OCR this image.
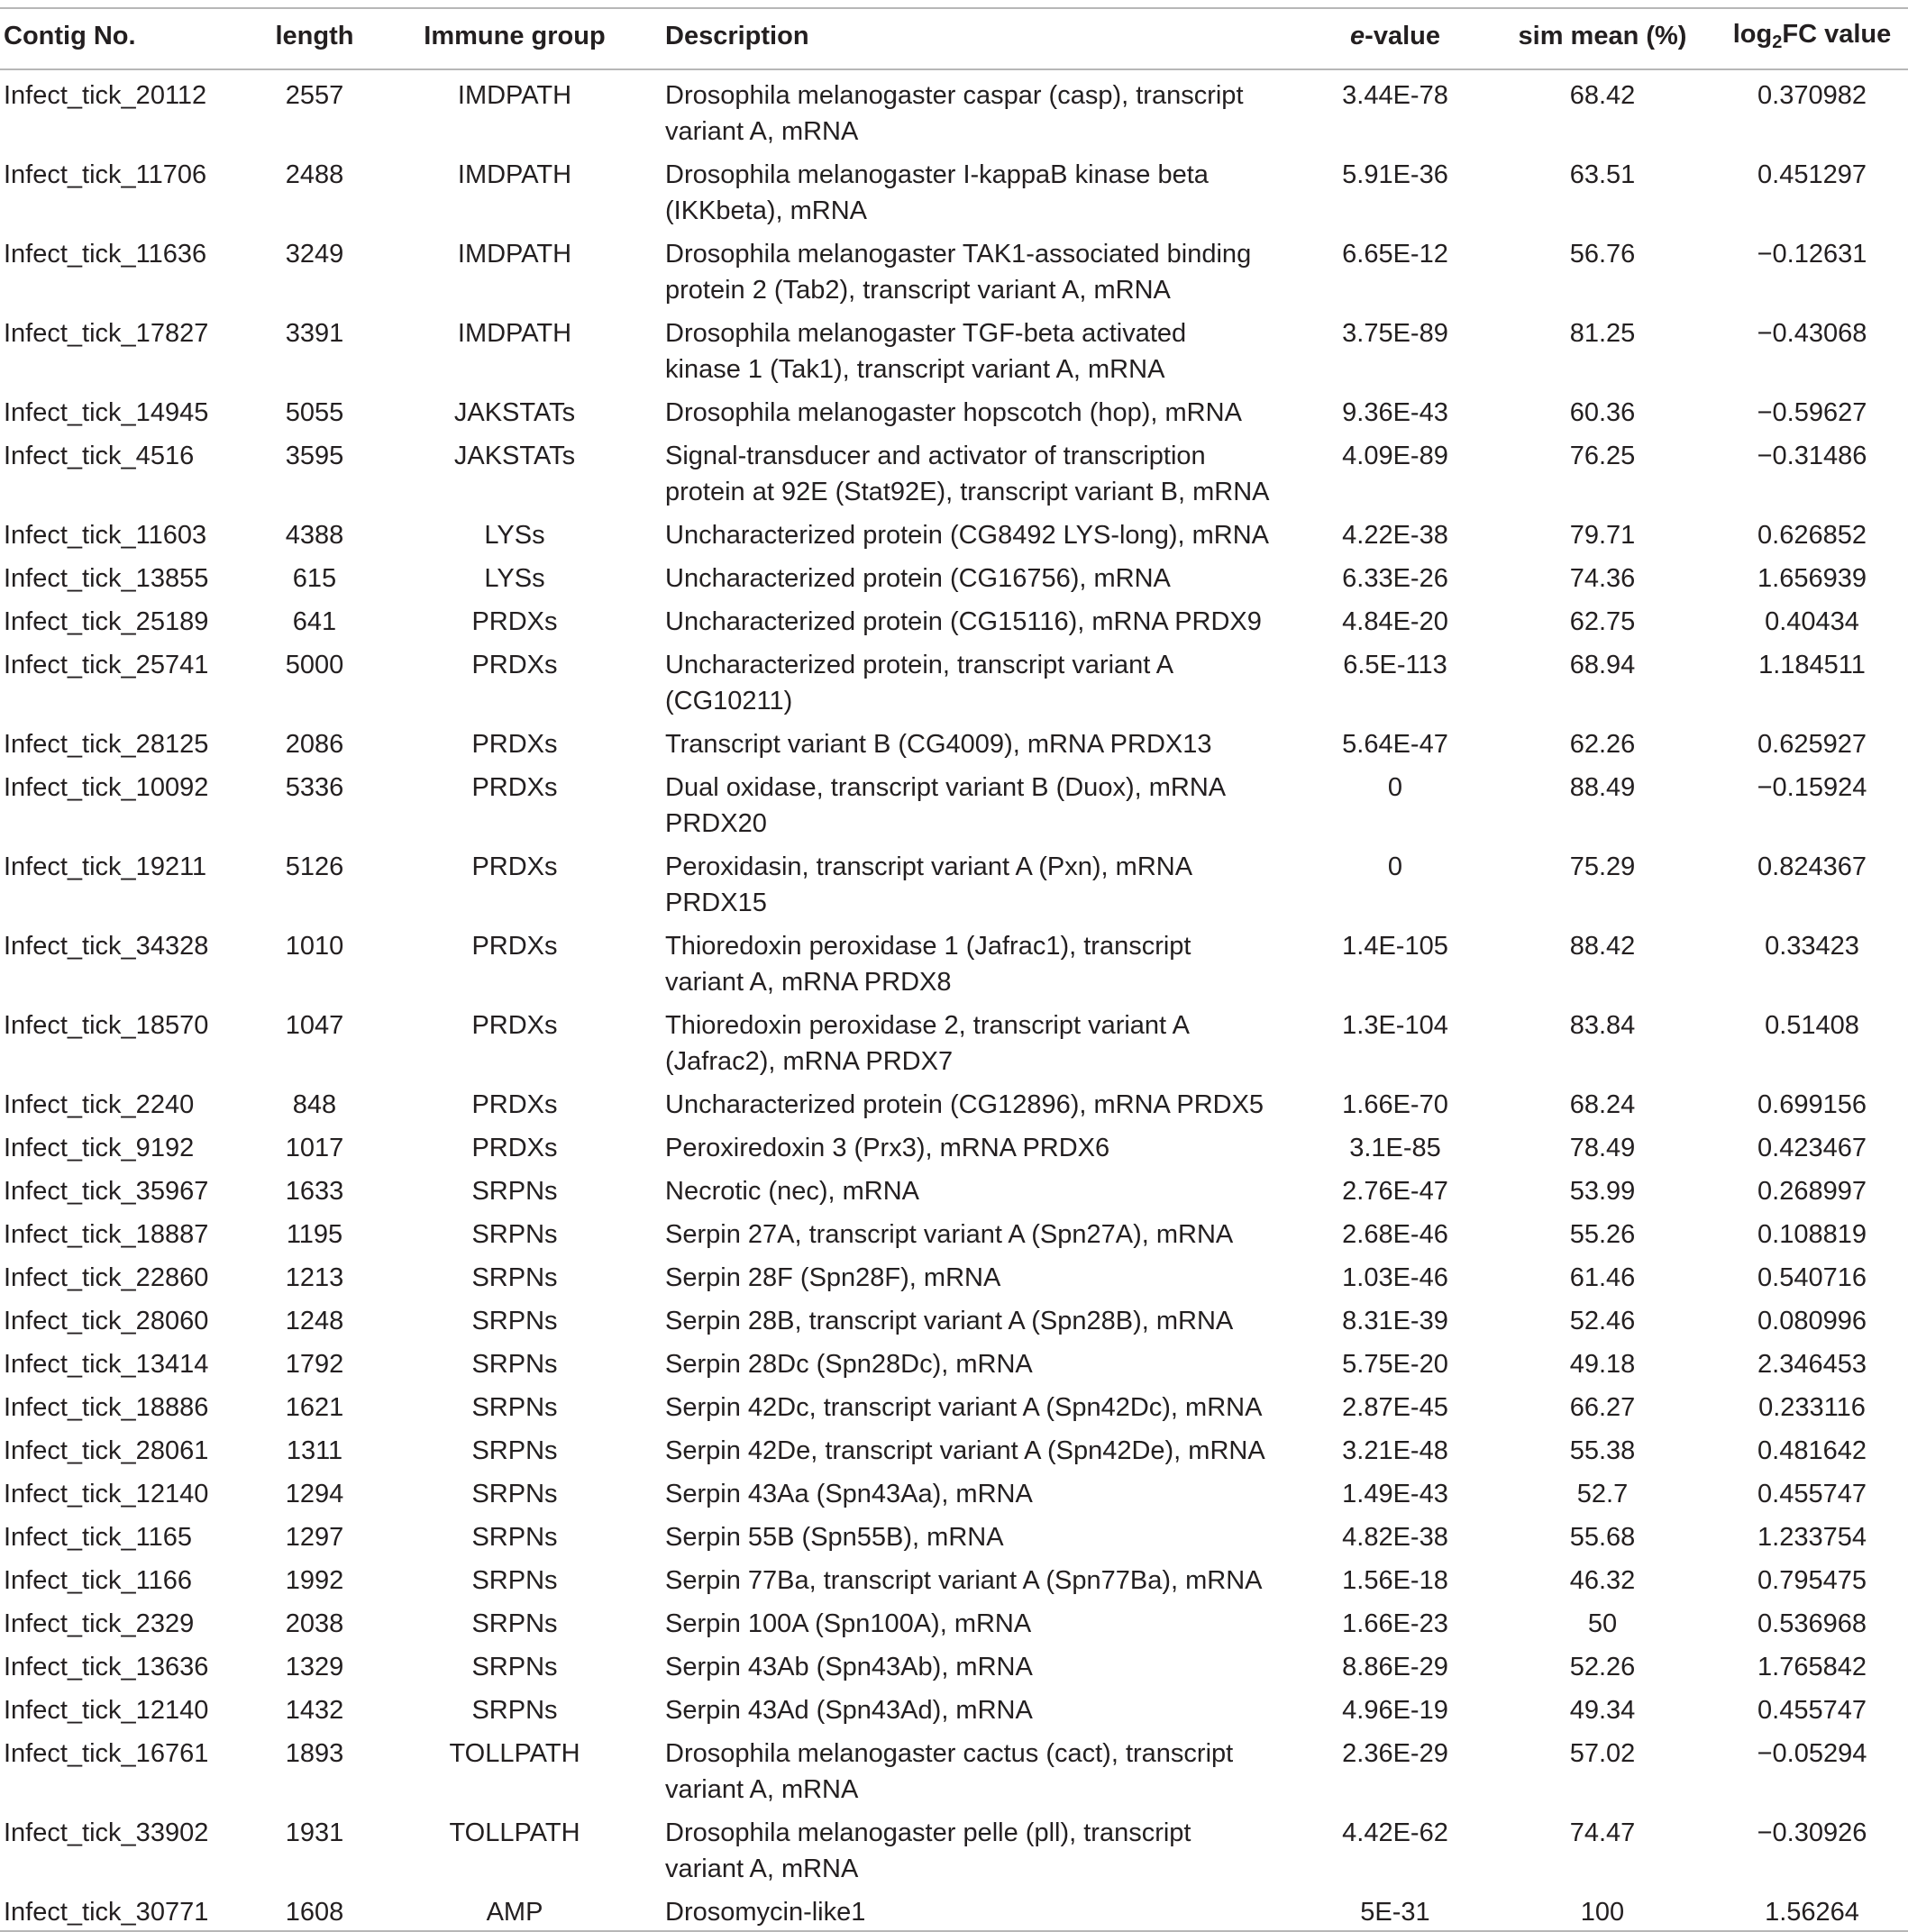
Contig No.	length	Immune group	Description	e-value	sim mean (%)	$\log_2FC$ value
Infect_tick_20112	2557	IMDPATH	Drosophila melanogaster caspar (casp), transcript
variant A, mRNA	3.44E-78	68.42	0.370982
Infect_tick_11706	2488	IMDPATH	Drosophila melanogaster I-kappaB kinase beta
(IKKbeta), mRNA	5.91E-36	63.51	0.451297
Infect_tick_11636	3249	IMDPATH	Drosophila melanogaster TAK1-associated binding
protein 2 (Tab2), transcript variant A, mRNA	6.65E-12	56.76	−0.12631
Infect_tick_17827	3391	IMDPATH	Drosophila melanogaster TGF-beta activated
kinase 1 (Tak1), transcript variant A, mRNA	3.75E-89	81.25	−0.43068
Infect_tick_14945	5055	JAKSTATs	Drosophila melanogaster hopscotch (hop), mRNA	9.36E-43	60.36	−0.59627
Infect_tick_4516	3595	JAKSTATs	Signal-transducer and activator of transcription
protein at 92E (Stat92E), transcript variant B, mRNA	4.09E-89	76.25	−0.31486
Infect_tick_11603	4388	LYSs	Uncharacterized protein (CG8492 LYS-long), mRNA	4.22E-38	79.71	0.626852
Infect_tick_13855	615	LYSs	Uncharacterized protein (CG16756), mRNA	6.33E-26	74.36	1.656939
Infect_tick_25189	641	PRDXs	Uncharacterized protein (CG15116), mRNA PRDX9	4.84E-20	62.75	0.40434
Infect_tick_25741	5000	PRDXs	Uncharacterized protein, transcript variant A
(CG10211)	6.5E-113	68.94	1.184511
Infect_tick_28125	2086	PRDXs	Transcript variant B (CG4009), mRNA PRDX13	5.64E-47	62.26	0.625927
Infect_tick_10092	5336	PRDXs	Dual oxidase, transcript variant B (Duox), mRNA
PRDX20	0	88.49	−0.15924
Infect_tick_19211	5126	PRDXs	Peroxidasin, transcript variant A (Pxn), mRNA
PRDX15	0	75.29	0.824367
Infect_tick_34328	1010	PRDXs	Thioredoxin peroxidase 1 (Jafrac1), transcript
variant A, mRNA PRDX8	1.4E-105	88.42	0.33423
Infect_tick_18570	1047	PRDXs	Thioredoxin peroxidase 2, transcript variant A
(Jafrac2), mRNA PRDX7	1.3E-104	83.84	0.51408
Infect_tick_2240	848	PRDXs	Uncharacterized protein (CG12896), mRNA PRDX5	1.66E-70	68.24	0.699156
Infect_tick_9192	1017	PRDXs	Peroxiredoxin 3 (Prx3), mRNA PRDX6	3.1E-85	78.49	0.423467
Infect_tick_35967	1633	SRPNs	Necrotic (nec), mRNA	2.76E-47	53.99	0.268997
Infect_tick_18887	1195	SRPNs	Serpin 27A, transcript variant A (Spn27A), mRNA	2.68E-46	55.26	0.108819
Infect_tick_22860	1213	SRPNs	Serpin 28F (Spn28F), mRNA	1.03E-46	61.46	0.540716
Infect_tick_28060	1248	SRPNs	Serpin 28B, transcript variant A (Spn28B), mRNA	8.31E-39	52.46	0.080996
Infect_tick_13414	1792	SRPNs	Serpin 28Dc (Spn28Dc), mRNA	5.75E-20	49.18	2.346453
Infect_tick_18886	1621	SRPNs	Serpin 42Dc, transcript variant A (Spn42Dc), mRNA	2.87E-45	66.27	0.233116
Infect_tick_28061	1311	SRPNs	Serpin 42De, transcript variant A (Spn42De), mRNA	3.21E-48	55.38	0.481642
Infect_tick_12140	1294	SRPNs	Serpin 43Aa (Spn43Aa), mRNA	1.49E-43	52.7	0.455747
Infect_tick_1165	1297	SRPNs	Serpin 55B (Spn55B), mRNA	4.82E-38	55.68	1.233754
Infect_tick_1166	1992	SRPNs	Serpin 77Ba, transcript variant A (Spn77Ba), mRNA	1.56E-18	46.32	0.795475
Infect_tick_2329	2038	SRPNs	Serpin 100A (Spn100A), mRNA	1.66E-23	50	0.536968
Infect_tick_13636	1329	SRPNs	Serpin 43Ab (Spn43Ab), mRNA	8.86E-29	52.26	1.765842
Infect_tick_12140	1432	SRPNs	Serpin 43Ad (Spn43Ad), mRNA	4.96E-19	49.34	0.455747
Infect_tick_16761	1893	TOLLPATH	Drosophila melanogaster cactus (cact), transcript
variant A, mRNA	2.36E-29	57.02	−0.05294
Infect_tick_33902	1931	TOLLPATH	Drosophila melanogaster pelle (pll), transcript
variant A, mRNA	4.42E-62	74.47	−0.30926
Infect_tick_30771	1608	AMP	Drosomycin-like1	5E-31	100	1.56264
